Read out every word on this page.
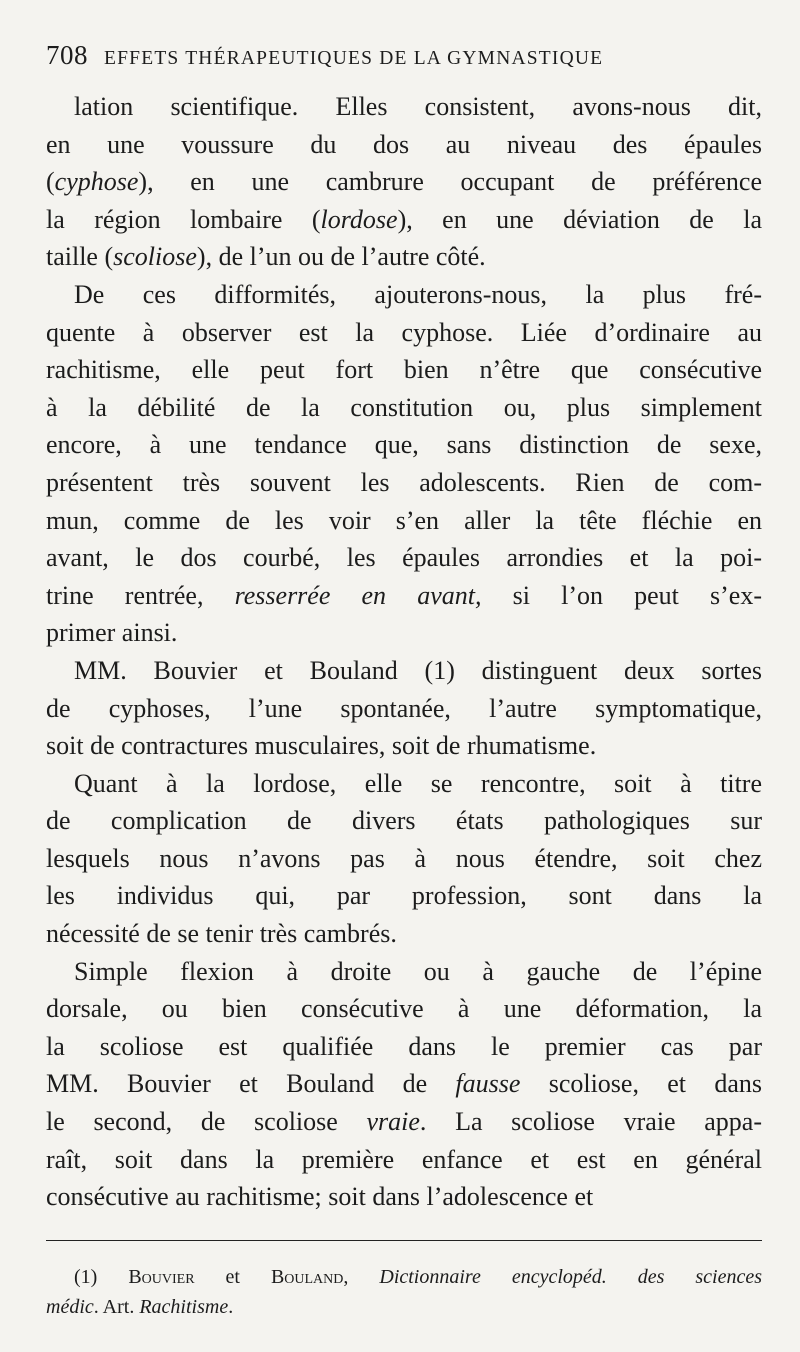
708 EFFETS THÉRAPEUTIQUES DE LA GYMNASTIQUE
lation scientifique. Elles consistent, avons-nous dit,
en une voussure du dos au niveau des épaules
(cyphose), en une cambrure occupant de préférence
la région lombaire (lordose), en une déviation de la
taille (scoliose), de l’un ou de l’autre côté.
De ces difformités, ajouterons-nous, la plus fré-
quente à observer est la cyphose. Liée d’ordinaire au
rachitisme, elle peut fort bien n’être que consécutive
à la débilité de la constitution ou, plus simplement
encore, à une tendance que, sans distinction de sexe,
présentent très souvent les adolescents. Rien de com-
mun, comme de les voir s’en aller la tête fléchie en
avant, le dos courbé, les épaules arrondies et la poi-
trine rentrée, resserrée en avant, si l’on peut s’ex-
primer ainsi.
MM. Bouvier et Bouland (1) distinguent deux sortes
de cyphoses, l’une spontanée, l’autre symptomatique,
soit de contractures musculaires, soit de rhumatisme.
Quant à la lordose, elle se rencontre, soit à titre
de complication de divers états pathologiques sur
lesquels nous n’avons pas à nous étendre, soit chez
les individus qui, par profession, sont dans la
nécessité de se tenir très cambrés.
Simple flexion à droite ou à gauche de l’épine
dorsale, ou bien consécutive à une déformation, la
la scoliose est qualifiée dans le premier cas par
MM. Bouvier et Bouland de fausse scoliose, et dans
le second, de scoliose vraie. La scoliose vraie appa-
raît, soit dans la première enfance et est en général
consécutive au rachitisme; soit dans l’adolescence et
(1) Bouvier et Bouland, Dictionnaire encyclopéd. des sciences
médic. Art. Rachitisme.
